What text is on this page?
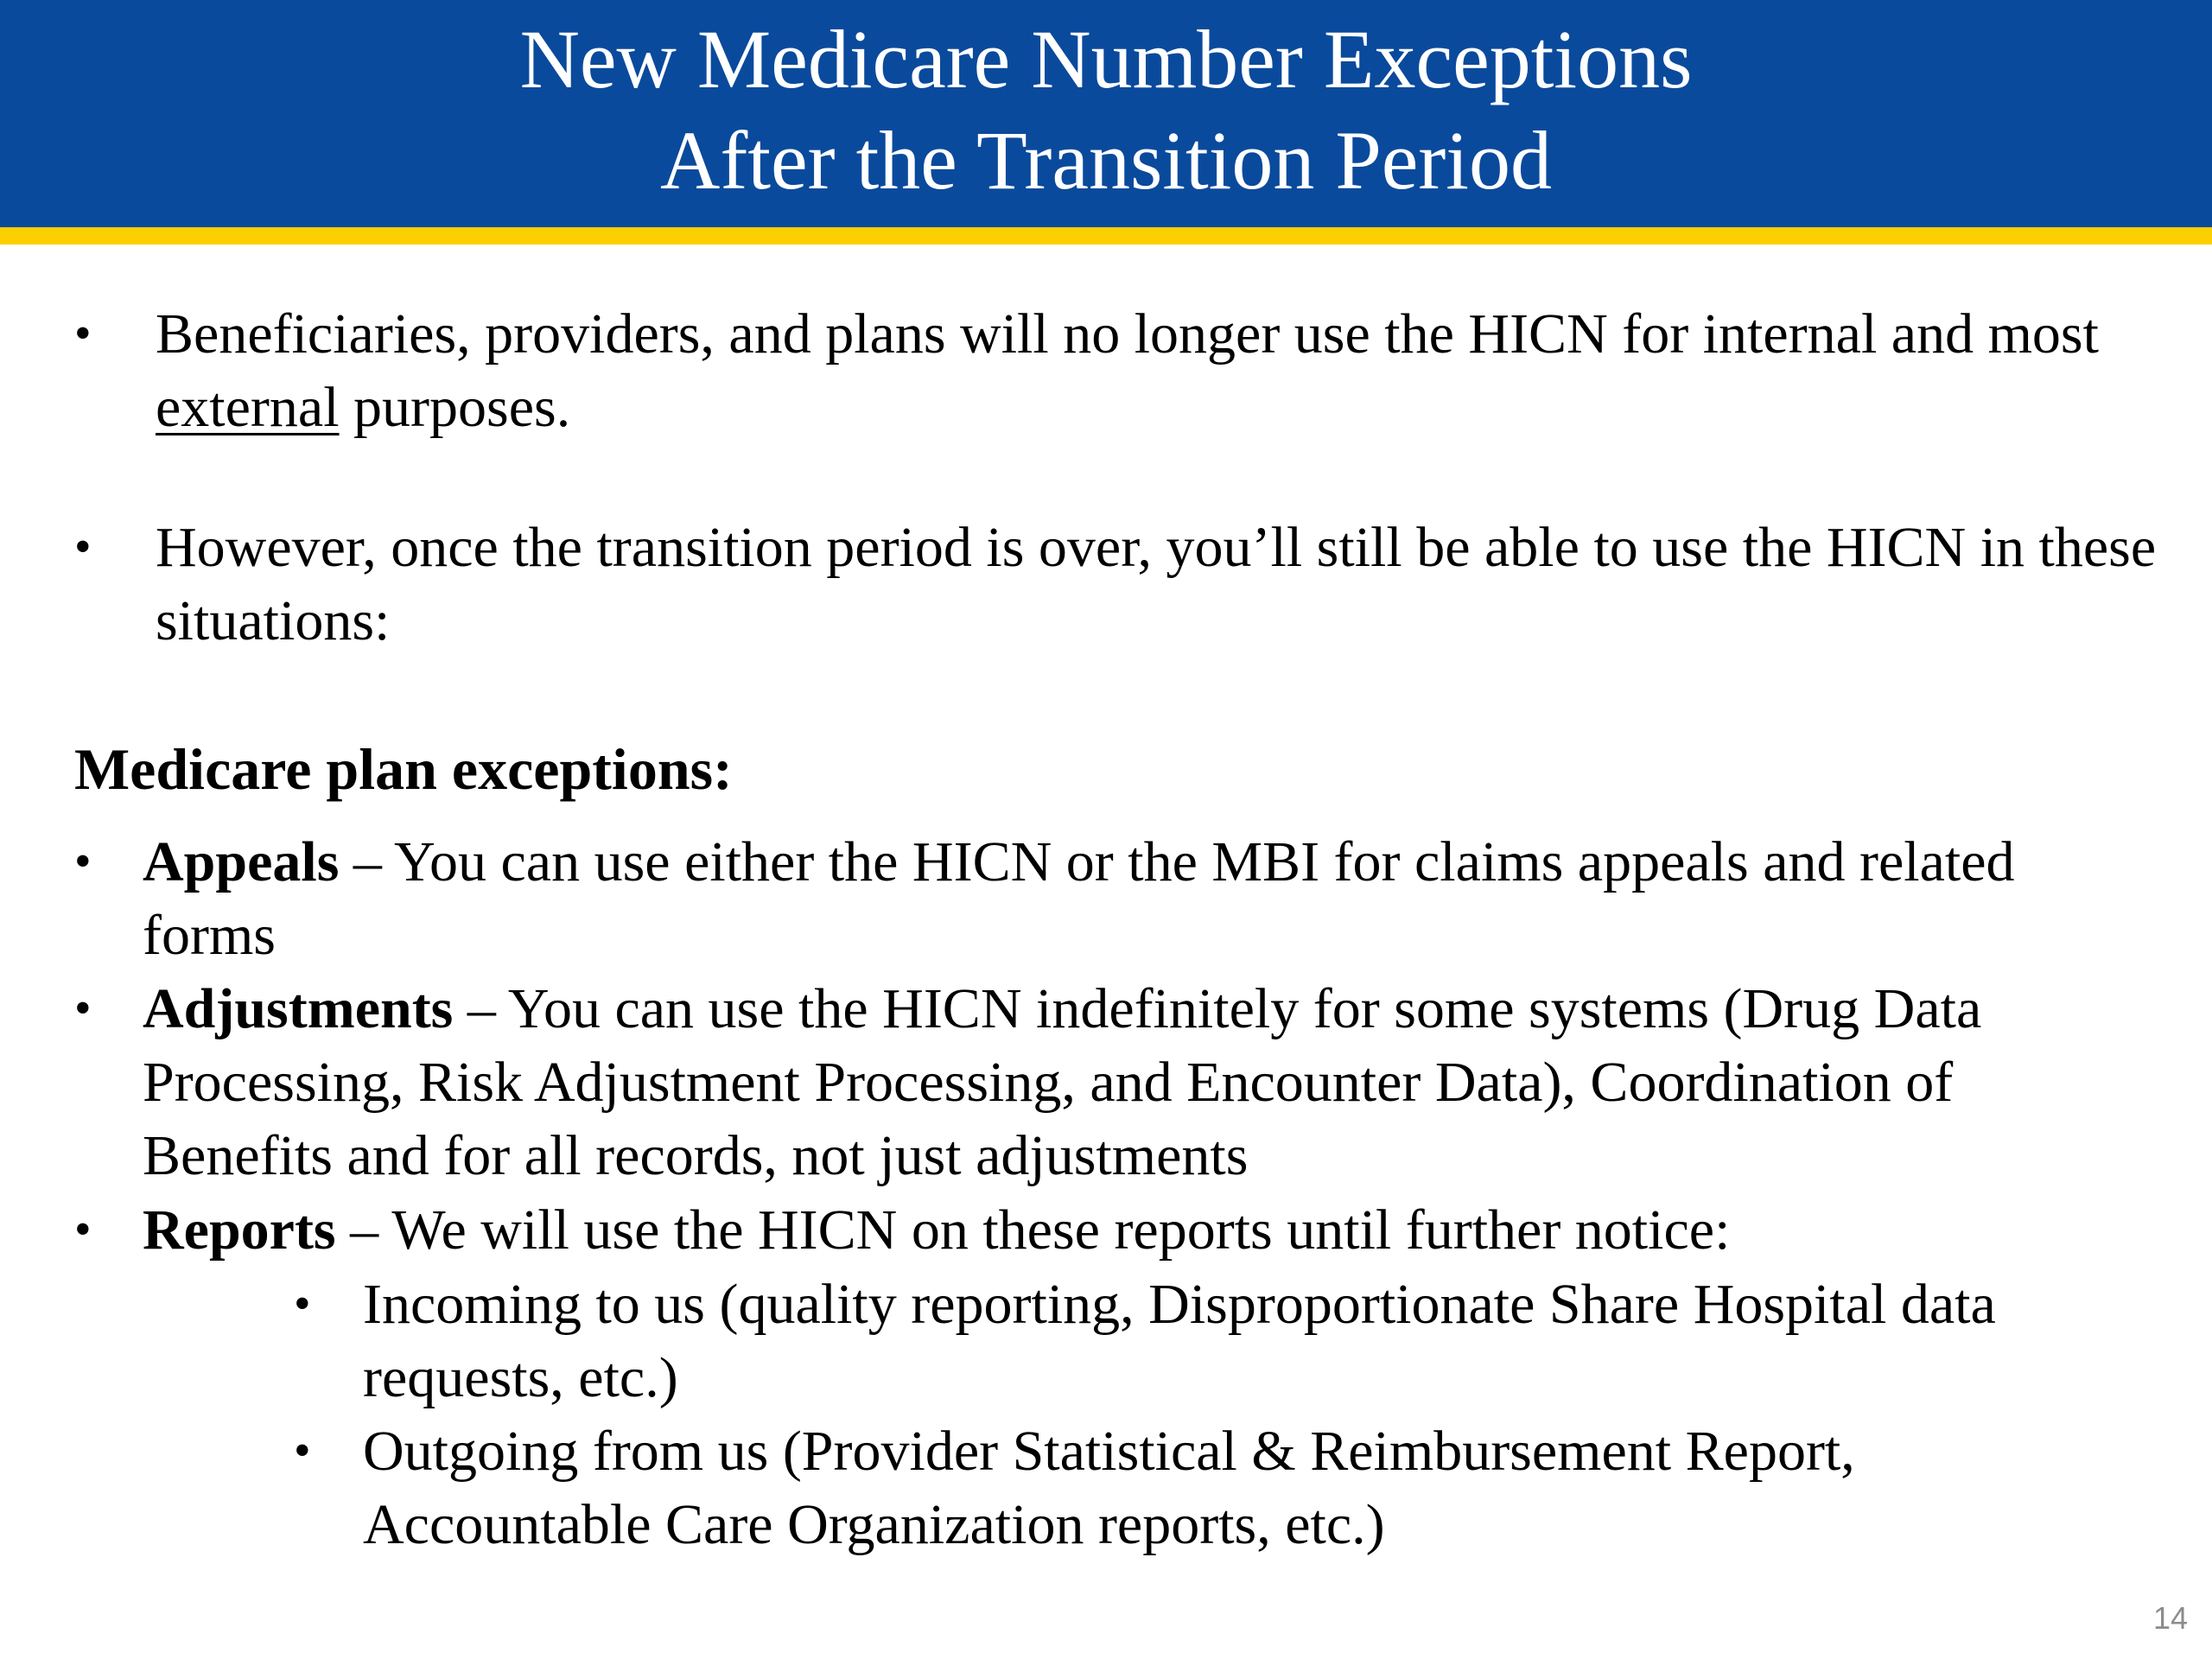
New Medicare Number Exceptions
After the Transition Period
• Beneficiaries, providers, and plans will no longer use the HICN for internal and most external purposes.
• However, once the transition period is over, you’ll still be able to use the HICN in these situations:
Medicare plan exceptions:
• Appeals – You can use either the HICN or the MBI for claims appeals and related forms
• Adjustments – You can use the HICN indefinitely for some systems (Drug Data Processing, Risk Adjustment Processing, and Encounter Data), Coordination of Benefits and for all records, not just adjustments
• Reports – We will use the HICN on these reports until further notice:
• Incoming to us (quality reporting, Disproportionate Share Hospital data requests, etc.)
• Outgoing from us (Provider Statistical & Reimbursement Report, Accountable Care Organization reports, etc.)
14
